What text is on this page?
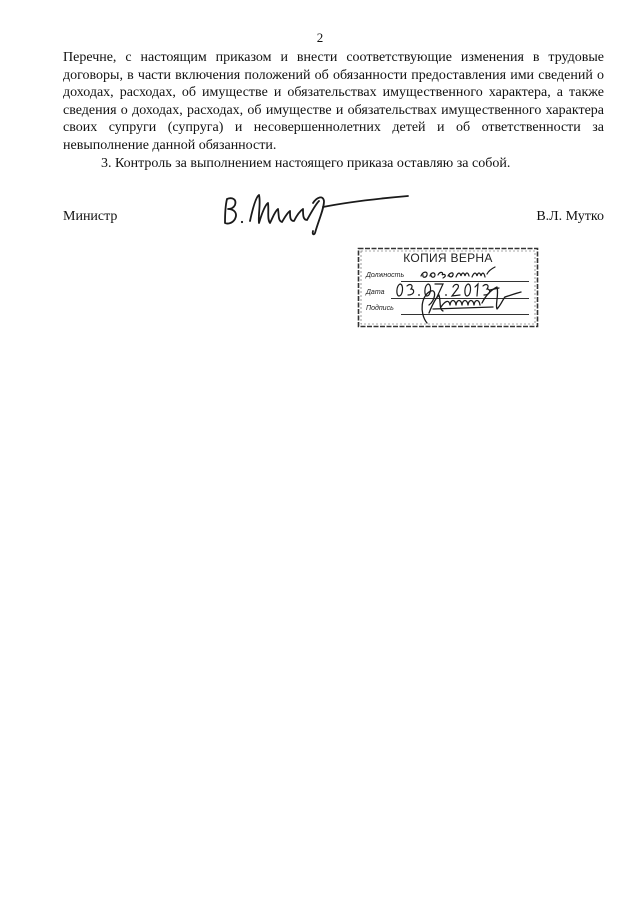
2

Перечне, с настоящим приказом и внести соответствующие изменения в трудовые договоры, в части включения положений об обязанности предоставления ими сведений о доходах, расходах, об имуществе и обязательствах имущественного характера, а также сведения о доходах, расходах, об имуществе и обязательствах имущественного характера своих супруги (супруга) и несовершеннолетних детей и об ответственности за невыполнение данной обязанности.

3. Контроль за выполнением настоящего приказа оставляю за собой.

Министр	В.Л. Мутко
КОПИЯ ВЕРНА
Должность
Дата
Подпись
